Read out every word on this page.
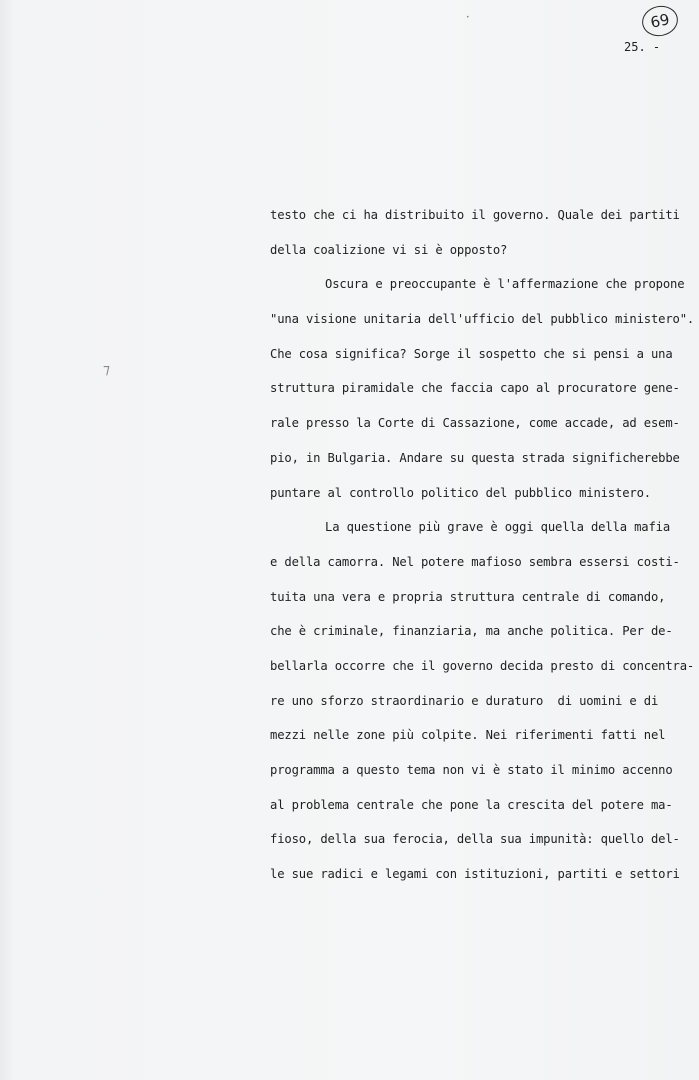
69
25. -
•
⁊
testo che ci ha distribuito il governo. Quale dei partiti
della coalizione vi si è opposto?
Oscura e preoccupante è l'affermazione che propone
"una visione unitaria dell'ufficio del pubblico ministero".
Che cosa significa? Sorge il sospetto che si pensi a una
struttura piramidale che faccia capo al procuratore gene-
rale presso la Corte di Cassazione, come accade, ad esem-
pio, in Bulgaria. Andare su questa strada significherebbe
puntare al controllo politico del pubblico ministero.
La questione più grave è oggi quella della mafia
e della camorra. Nel potere mafioso sembra essersi costi-
tuita una vera e propria struttura centrale di comando,
che è criminale, finanziaria, ma anche politica. Per de-
bellarla occorre che il governo decida presto di concentra-
re uno sforzo straordinario e duraturo  di uomini e di
mezzi nelle zone più colpite. Nei riferimenti fatti nel
programma a questo tema non vi è stato il minimo accenno
al problema centrale che pone la crescita del potere ma-
fioso, della sua ferocia, della sua impunità: quello del-
le sue radici e legami con istituzioni, partiti e settori
